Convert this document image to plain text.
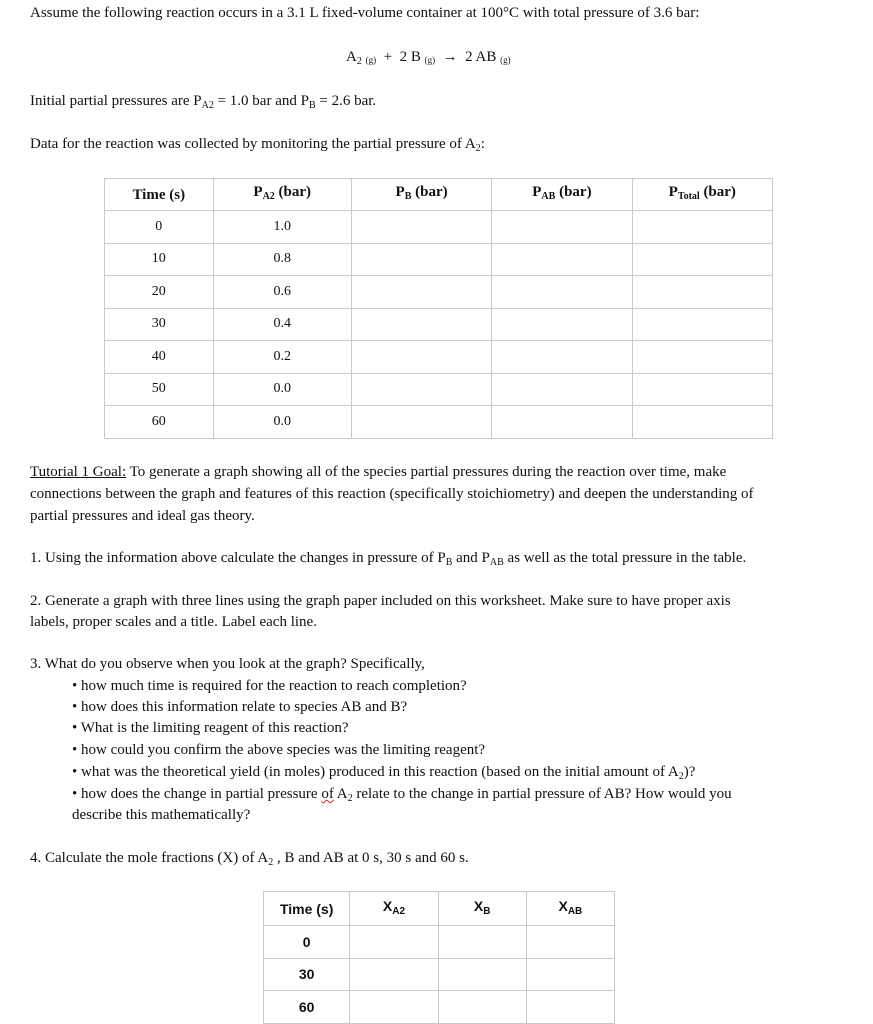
Assume the following reaction occurs in a 3.1 L fixed-volume container at 100°C with total pressure of 3.6 bar:
$A_2$ (g) + 2 B (g) → 2 AB (g)
Initial partial pressures are $P_{A2} = 1.0$ bar and $P_B = 2.6$ bar.
Data for the reaction was collected by monitoring the partial pressure of $A_2$:
Time (s)	$P_{A2}$ (bar)	$P_B$ (bar)	$P_{AB}$ (bar)	$P_{Total}$ (bar)
0	1.0			
10	0.8			
20	0.6			
30	0.4			
40	0.2			
50	0.0			
60	0.0			
Tutorial 1 Goal: To generate a graph showing all of the species partial pressures during the reaction over time, make
connections between the graph and features of this reaction (specifically stoichiometry) and deepen the understanding of
partial pressures and ideal gas theory.
1. Using the information above calculate the changes in pressure of $P_B$ and $P_{AB}$ as well as the total pressure in the table.
2. Generate a graph with three lines using the graph paper included on this worksheet. Make sure to have proper axis
labels, proper scales and a title. Label each line.
3. What do you observe when you look at the graph? Specifically,
• how much time is required for the reaction to reach completion?
• how does this information relate to species AB and B?
• What is the limiting reagent of this reaction?
• how could you confirm the above species was the limiting reagent?
• what was the theoretical yield (in moles) produced in this reaction (based on the initial amount of $A_2$)?
• how does the change in partial pressure of $A_2$ relate to the change in partial pressure of AB? How would you
describe this mathematically?
4. Calculate the mole fractions (X) of $A_2$ , B and AB at 0 s, 30 s and 60 s.
Time (s)	$X_{A2}$	$X_B$	$X_{AB}$
0			
30			
60			
